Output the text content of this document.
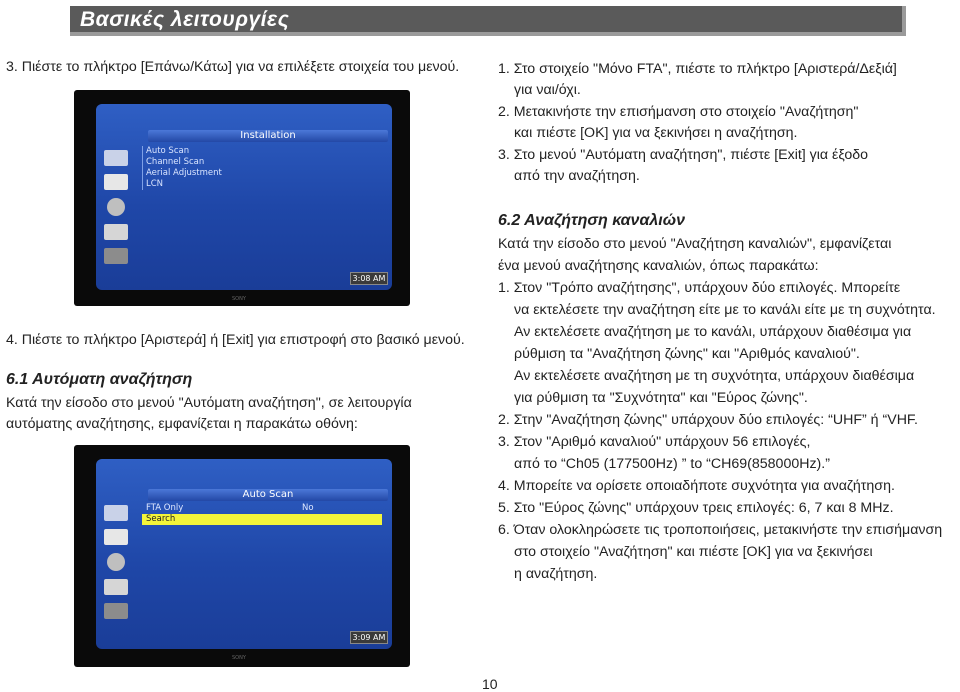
Βασικές λειτουργίες
3. Πιέστε το πλήκτρο [Επάνω/Κάτω] για να επιλέξετε στοιχεία του μενού.
Installation
Auto Scan
Channel Scan
Aerial Adjustment
LCN
3:08 AM
SONY
4. Πιέστε το πλήκτρο [Αριστερά] ή [Exit] για επιστροφή στο βασικό μενού.
6.1 Αυτόματη αναζήτηση
Κατά την είσοδο στο μενού "Αυτόματη αναζήτηση", σε λειτουργία
αυτόματης αναζήτησης, εμφανίζεται η παρακάτω οθόνη:
Auto Scan
FTA Only	No
Search
3:09 AM
SONY
1. Στο στοιχείο "Μόνο FTA", πιέστε το πλήκτρο [Αριστερά/Δεξιά]
για ναι/όχι.
2. Μετακινήστε την επισήμανση στο στοιχείο "Αναζήτηση"
και πιέστε [ΟΚ] για να ξεκινήσει η αναζήτηση.
3. Στο μενού "Αυτόματη αναζήτηση", πιέστε [Exit] για έξοδο
από την αναζήτηση.
6.2 Αναζήτηση καναλιών
Κατά την είσοδο στο μενού "Αναζήτηση καναλιών", εμφανίζεται
ένα μενού αναζήτησης καναλιών, όπως παρακάτω:
1. Στον "Τρόπο αναζήτησης", υπάρχουν δύο επιλογές. Μπορείτε
να εκτελέσετε την αναζήτηση είτε με το κανάλι είτε με τη συχνότητα.
Αν εκτελέσετε αναζήτηση με το κανάλι, υπάρχουν διαθέσιμα για
ρύθμιση τα "Αναζήτηση ζώνης" και "Αριθμός καναλιού".
Αν εκτελέσετε αναζήτηση με τη συχνότητα, υπάρχουν διαθέσιμα
για ρύθμιση τα "Συχνότητα" και "Εύρος ζώνης".
2. Στην "Αναζήτηση ζώνης" υπάρχουν δύο επιλογές: “UHF” ή “VHF.
3. Στον "Αριθμό καναλιού" υπάρχουν 56 επιλογές,
από το “Ch05 (177500Hz) ” to “CH69(858000Hz).”
4. Μπορείτε να ορίσετε οποιαδήποτε συχνότητα για αναζήτηση.
5. Στο "Εύρος ζώνης" υπάρχουν τρεις επιλογές: 6, 7 και 8 MHz.
6. Όταν ολοκληρώσετε τις τροποποιήσεις, μετακινήστε την επισήμανση
στο στοιχείο "Αναζήτηση" και πιέστε [ΟΚ] για να ξεκινήσει
η αναζήτηση.
10
